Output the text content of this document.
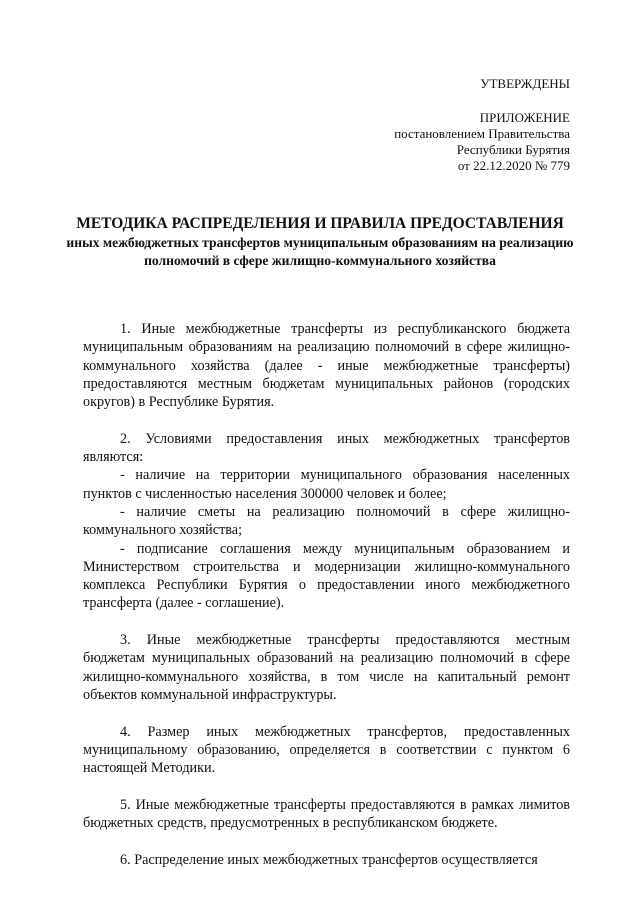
УТВЕРЖДЕНЫ
ПРИЛОЖЕНИЕ
постановлением Правительства
Республики Бурятия
от 22.12.2020 № 779
МЕТОДИКА РАСПРЕДЕЛЕНИЯ И ПРАВИЛА ПРЕДОСТАВЛЕНИЯ
иных межбюджетных трансфертов муниципальным образованиям на реализацию полномочий в сфере жилищно-коммунального хозяйства

1. Иные межбюджетные трансферты из республиканского бюджета муниципальным образованиям на реализацию полномочий в сфере жилищно-коммунального хозяйства (далее - иные межбюджетные трансферты) предоставляются местным бюджетам муниципальных районов (городских округов) в Республике Бурятия.

2. Условиями предоставления иных межбюджетных трансфертов являются:

- наличие на территории муниципального образования населенных пунктов с численностью населения 300000 человек и более;

- наличие сметы на реализацию полномочий в сфере жилищно-коммунального хозяйства;

- подписание соглашения между муниципальным образованием и Министерством строительства и модернизации жилищно-коммунального комплекса Республики Бурятия о предоставлении иного межбюджетного трансферта (далее - соглашение).

3. Иные межбюджетные трансферты предоставляются местным бюджетам муниципальных образований на реализацию полномочий в сфере жилищно-коммунального хозяйства, в том числе на капитальный ремонт объектов коммунальной инфраструктуры.

4. Размер иных межбюджетных трансфертов, предоставленных муниципальному образованию, определяется в соответствии с пунктом 6 настоящей Методики.

5. Иные межбюджетные трансферты предоставляются в рамках лимитов бюджетных средств, предусмотренных в республиканском бюджете.

6. Распределение иных межбюджетных трансфертов осуществляется
